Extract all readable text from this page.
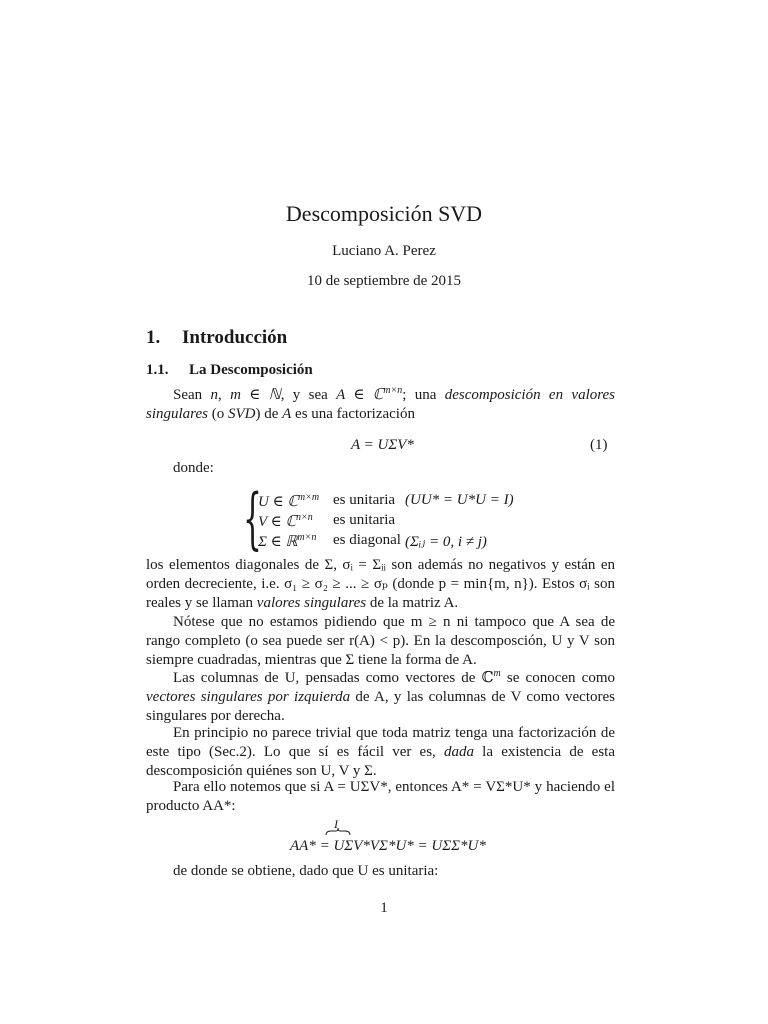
Descomposición SVD
Luciano A. Perez
10 de septiembre de 2015
1. Introducción
1.1. La Descomposición
Sean n, m ∈ ℕ, y sea A ∈ ℂ$^{m\times n}$; una descomposición en valores singulares (o SVD) de A es una factorización
A = UΣV*	(1)
donde:
{
U ∈ ℂ$^{m\times m}$ es unitaria (UU* = U*U = I)
V ∈ ℂ$^{n\times n}$ es unitaria
Σ ∈ ℝ$^{m\times n}$ es diagonal (Σᵢⱼ = 0, i ≠ j)
los elementos diagonales de Σ, σᵢ = Σᵢᵢ son además no negativos y están en orden decreciente, i.e. σ₁ ≥ σ₂ ≥ ... ≥ σₚ (donde p = min{m, n}). Estos σᵢ son reales y se llaman valores singulares de la matriz A.
Nótese que no estamos pidiendo que m ≥ n ni tampoco que A sea de rango completo (o sea puede ser r(A) < p). En la descomposción, U y V son siempre cuadradas, mientras que Σ tiene la forma de A.
Las columnas de U, pensadas como vectores de ℂ$^m$ se conocen como vectores singulares por izquierda de A, y las columnas de V como vectores singulares por derecha.
En principio no parece trivial que toda matriz tenga una factorización de este tipo (Sec.2). Lo que sí es fácil ver es, dada la existencia de esta descomposición quiénes son U, V y Σ.
Para ello notemos que si A = UΣV*, entonces A* = VΣ*U* y haciendo el producto AA*:
I
AA* = UΣV*VΣ*U* = UΣΣ*U*
de donde se obtiene, dado que U es unitaria:
1
